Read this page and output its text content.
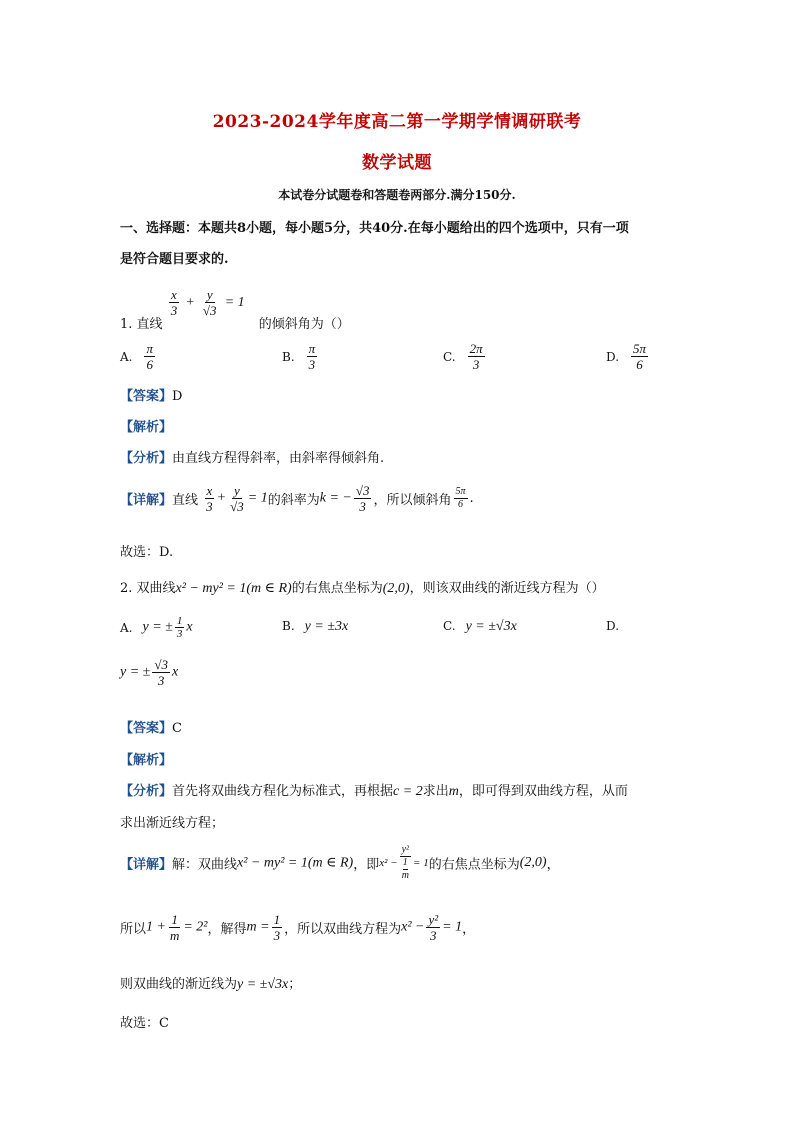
2023-2024学年度高二第一学期学情调研联考
数学试题
本试卷分试题卷和答题卷两部分.满分150分.
一、选择题：本题共8小题，每小题5分，共40分.在每小题给出的四个选项中，只有一项
是符合题目要求的.
1. 直线
$\frac{x}{3} + \frac{y}{√3} = 1$ 的倾斜角为（）
A. $\frac{\pi}{6}$	B. $\frac{\pi}{3}$	C. $\frac{2\pi}{3}$	D. $\frac{5\pi}{6}$
【答案】D
【解析】
【分析】由直线方程得斜率，由斜率得倾斜角.
【详解】直线 $\frac{x}{3} + \frac{y}{√3} = 1$的斜率为k = − $\frac{√3}{3}$ ，所以倾斜角 $\frac{5\pi}{6}$ .
故选：D.
2. 双曲线x² − my² = 1(m ∈ R)的右焦点坐标为(2,0)，则该双曲线的渐近线方程为（）
A. y = ± $\frac{1}{3}$ x	B. y = ±3x	C. y = ±√3x	D.
y = ± $\frac{√3}{3}$ x
【答案】C
【解析】
【分析】首先将双曲线方程化为标准式，再根据c = 2求出m，即可得到双曲线方程，从而
求出渐近线方程；
【详解】解：双曲线x² − my² = 1(m ∈ R)，即$x^2 - \frac{\text{y²}}{\frac{1}{m}} = 1$的右焦点坐标为(2,0)，
所以$1 + \frac{1}{m} = 2^2$，解得$m = \frac{1}{3}$ ，所以双曲线方程为$x^2 - \frac{\text{y²}}{3} = 1$，
则双曲线的渐近线为y = ±√3x；
故选：C
